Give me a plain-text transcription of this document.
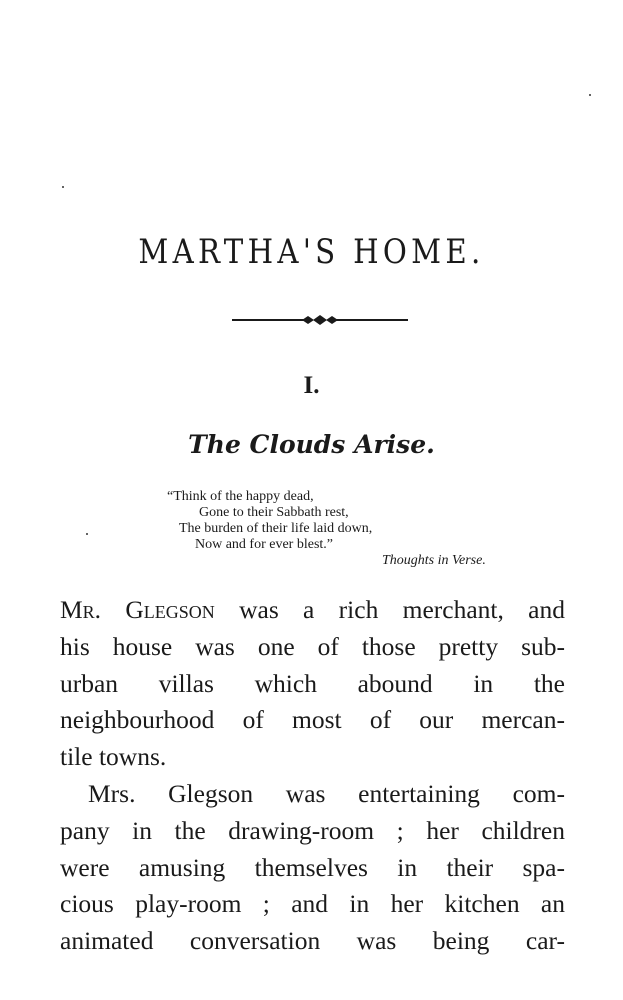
MARTHA'S HOME.
I.
The Clouds Arise.
“Think of the happy dead,
Gone to their Sabbath rest,
The burden of their life laid down,
Now and for ever blest.”
Thoughts in Verse.

Mr. Glegson was a rich merchant, and

his house was one of those pretty sub-

urban villas which abound in the

neighbourhood of most of our mercan-

tile towns.

Mrs. Glegson was entertaining com-

pany in the drawing-room ; her children

were amusing themselves in their spa-

cious play-room ; and in her kitchen an

animated conversation was being car-
